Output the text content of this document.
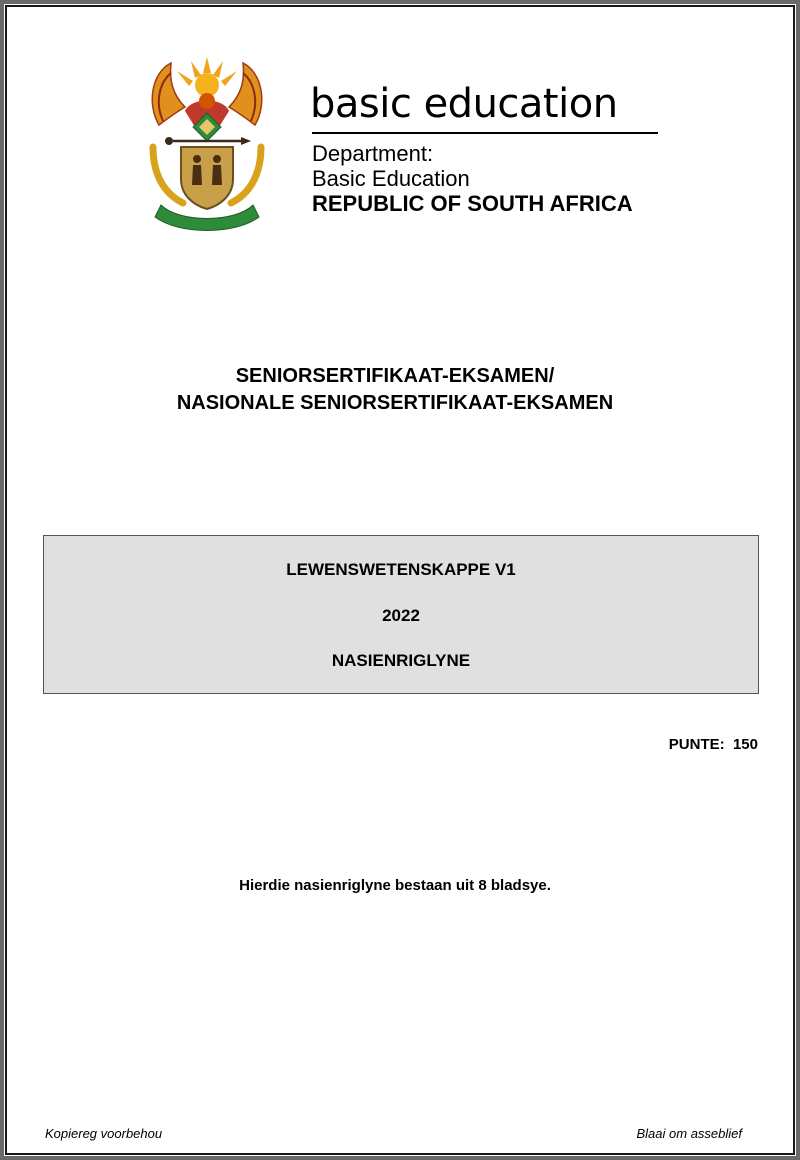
basic education
Department:
Basic Education
REPUBLIC OF SOUTH AFRICA
SENIORSERTIFIKAAT-EKSAMEN/
NASIONALE SENIORSERTIFIKAAT-EKSAMEN
LEWENSWETENSKAPPE V1
2022
NASIENRIGLYNE
PUNTE:  150
Hierdie nasienriglyne bestaan uit 8 bladsye.
Kopiereg voorbehou	Blaai om asseblief
